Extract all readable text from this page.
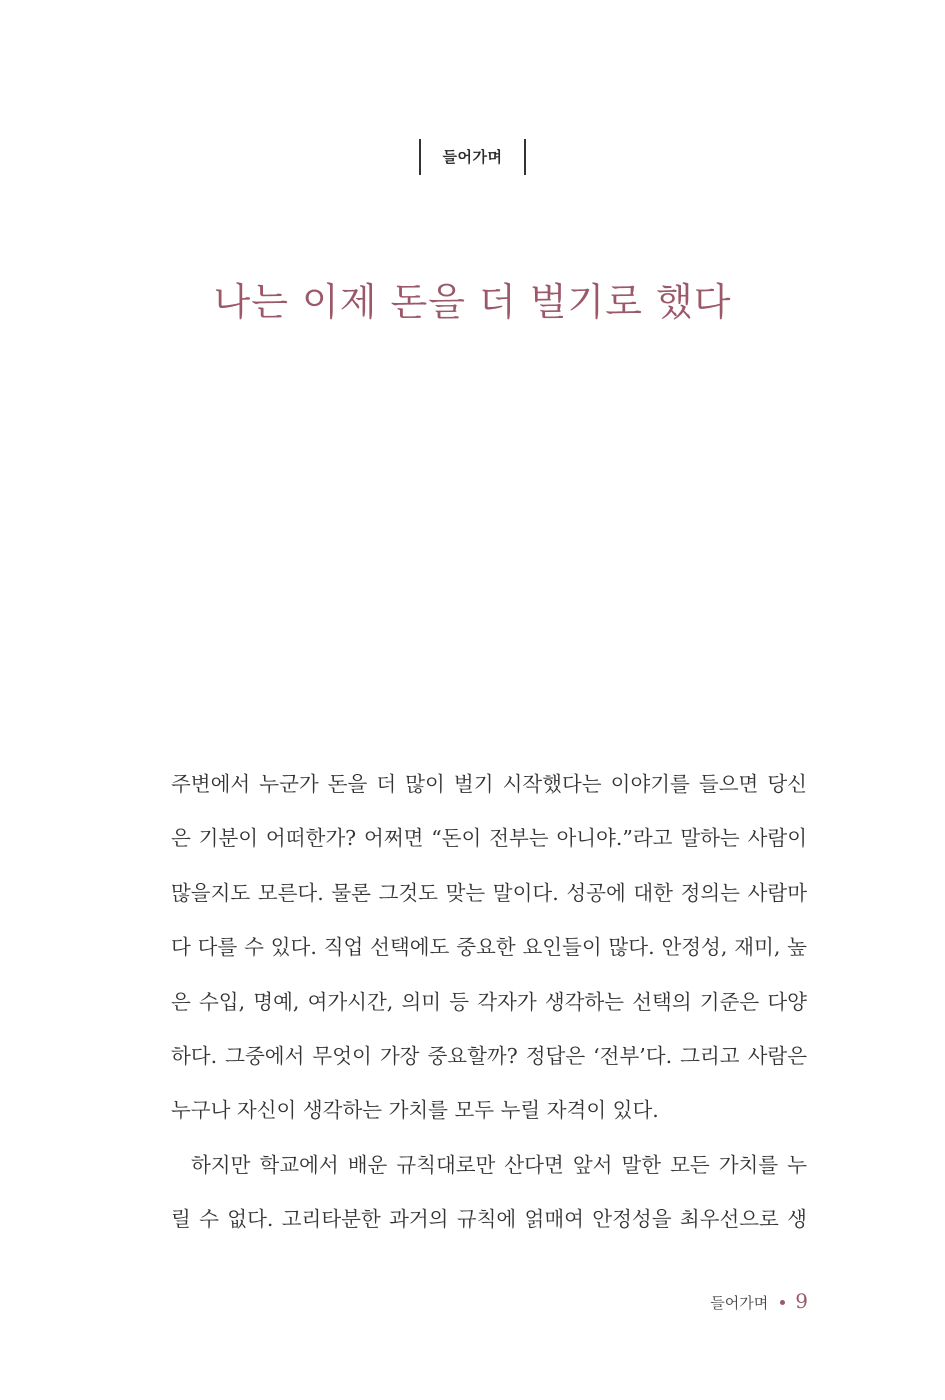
들어가며
나는 이제 돈을 더 벌기로 했다
주변에서 누군가 돈을 더 많이 벌기 시작했다는 이야기를 들으면 당신
은 기분이 어떠한가? 어쩌면 “돈이 전부는 아니야.”라고 말하는 사람이
많을지도 모른다. 물론 그것도 맞는 말이다. 성공에 대한 정의는 사람마
다 다를 수 있다. 직업 선택에도 중요한 요인들이 많다. 안정성, 재미, 높
은 수입, 명예, 여가시간, 의미 등 각자가 생각하는 선택의 기준은 다양
하다. 그중에서 무엇이 가장 중요할까? 정답은 ‘전부’다. 그리고 사람은
누구나 자신이 생각하는 가치를 모두 누릴 자격이 있다.
하지만 학교에서 배운 규칙대로만 산다면 앞서 말한 모든 가치를 누
릴 수 없다. 고리타분한 과거의 규칙에 얽매여 안정성을 최우선으로 생
들어가며 9
